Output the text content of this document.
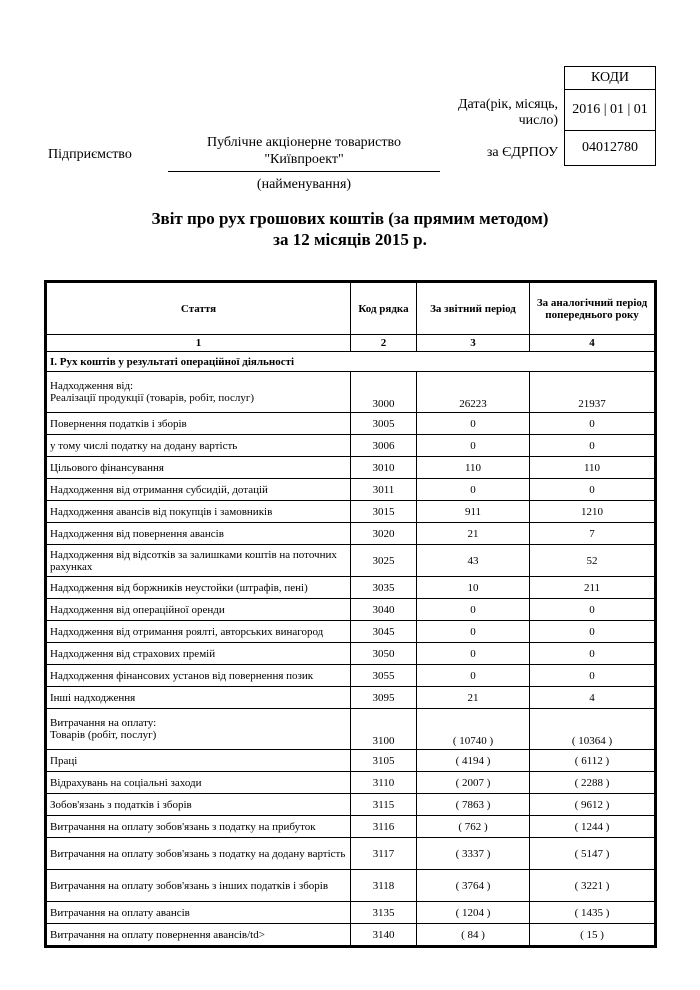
КОДИ
2016 | 01 | 01
04012780
Дата(рік, місяць,
число)
за ЄДРПОУ
Підприємство
Публічне акціонерне товариство
"Київпроект"
(найменування)
Звіт про рух грошових коштів (за прямим методом)
за 12 місяців 2015 р.
Стаття	Код рядка	За звітний період	За аналогічний період попереднього року
1	2	3	4
I. Рух коштів у результаті операційної діяльності			

Надходження від:
Реалізації продукції (товарів, робіт, послуг)	3000	26223	21937

Повернення податків і зборів	3005	0	0

у тому числі податку на додану вартість	3006	0	0

Цільового фінансування	3010	110	110

Надходження від отримання субсидій, дотацій	3011	0	0

Надходження авансів від покупців і замовників	3015	911	1210

Надходження від повернення авансів	3020	21	7

Надходження від відсотків за залишками коштів на поточних рахунках	3025	43	52

Надходження від боржників неустойки (штрафів, пені)	3035	10	211

Надходження від операційної оренди	3040	0	0

Надходження від отримання роялті, авторських винагород	3045	0	0

Надходження від страхових премій	3050	0	0

Надходження фінансових установ від повернення позик	3055	0	0

Інші надходження	3095	21	4

Витрачання на оплату:
Товарів (робіт, послуг)	3100	( 10740 )	( 10364 )

Праці	3105	( 4194 )	( 6112 )

Відрахувань на соціальні заходи	3110	( 2007 )	( 2288 )

Зобов'язань з податків і зборів	3115	( 7863 )	( 9612 )

Витрачання на оплату зобов'язань з податку на прибуток	3116	( 762 )	( 1244 )

Витрачання на оплату зобов'язань з податку на додану вартість	3117	( 3337 )	( 5147 )

Витрачання на оплату зобов'язань з інших податків і зборів	3118	( 3764 )	( 3221 )

Витрачання на оплату авансів	3135	( 1204 )	( 1435 )

Витрачання на оплату повернення авансів/td>	3140	( 84 )	( 15 )
